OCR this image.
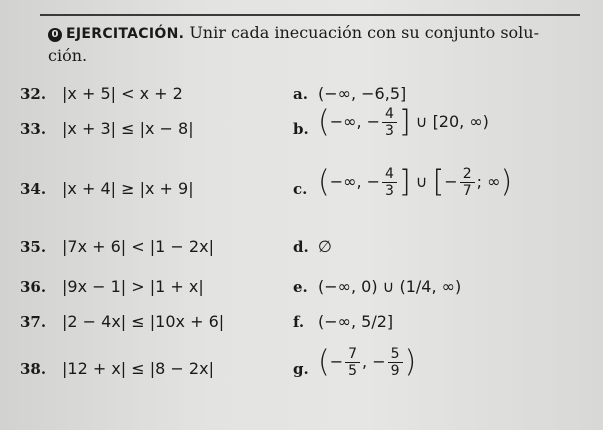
0 EJERCITACIÓN. Unir cada inecuación con su conjunto solu-
ción.
32. |x + 5| < x + 2
33. |x + 3| ≤ |x − 8|
34. |x + 4| ≥ |x + 9|
35. |7x + 6| < |1 − 2x|
36. |9x − 1| > |1 + x|
37. |2 − 4x| ≤ |10x + 6|
38. |12 + x| ≤ |8 − 2x|
a. (−∞, −6,5]
b. (−∞, − $\frac{4}{3}$ ] ∪ [20, ∞)
c. (−∞, − $\frac{4}{3}$ ] ∪ [− $\frac{2}{7}$ ; ∞)
d. ∅
e. (−∞, 0) ∪ (1/4, ∞)
f. (−∞, 5/2]
g. (− $\frac{7}{5}$ , − $\frac{5}{9}$ )
